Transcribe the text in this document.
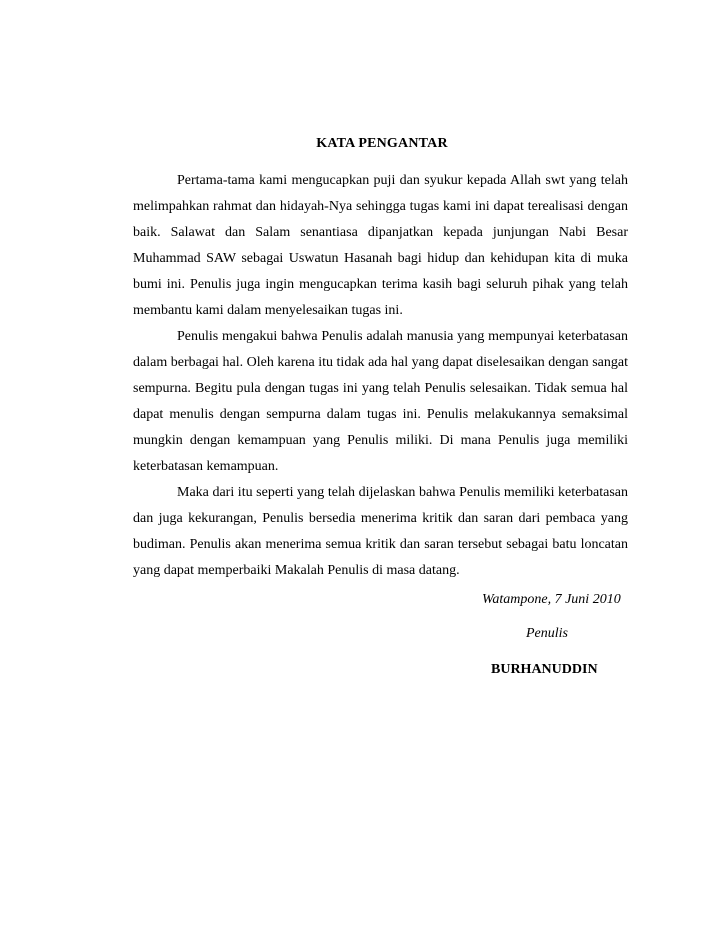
KATA PENGANTAR

Pertama-tama kami mengucapkan puji dan syukur kepada Allah swt yang telah melimpahkan rahmat dan hidayah-Nya sehingga tugas kami ini dapat terealisasi dengan baik. Salawat dan Salam senantiasa dipanjatkan kepada junjungan Nabi Besar Muhammad SAW sebagai Uswatun Hasanah bagi hidup dan kehidupan kita di muka bumi ini. Penulis juga ingin mengucapkan terima kasih bagi seluruh pihak yang telah membantu kami dalam menyelesaikan tugas ini.

Penulis mengakui bahwa Penulis adalah manusia yang mempunyai keterbatasan dalam berbagai hal. Oleh karena itu tidak ada hal yang dapat diselesaikan dengan sangat sempurna. Begitu pula dengan tugas ini yang telah Penulis selesaikan. Tidak semua hal dapat menulis dengan sempurna dalam tugas ini. Penulis melakukannya semaksimal mungkin dengan kemampuan yang Penulis miliki. Di mana Penulis juga memiliki keterbatasan kemampuan.

Maka dari itu seperti yang telah dijelaskan bahwa Penulis memiliki keterbatasan dan juga kekurangan, Penulis bersedia menerima kritik dan saran dari pembaca yang budiman. Penulis akan menerima semua kritik dan saran tersebut sebagai batu loncatan yang dapat memperbaiki Makalah Penulis di masa datang.

Watampone, 7 Juni 2010
Penulis
BURHANUDDIN
